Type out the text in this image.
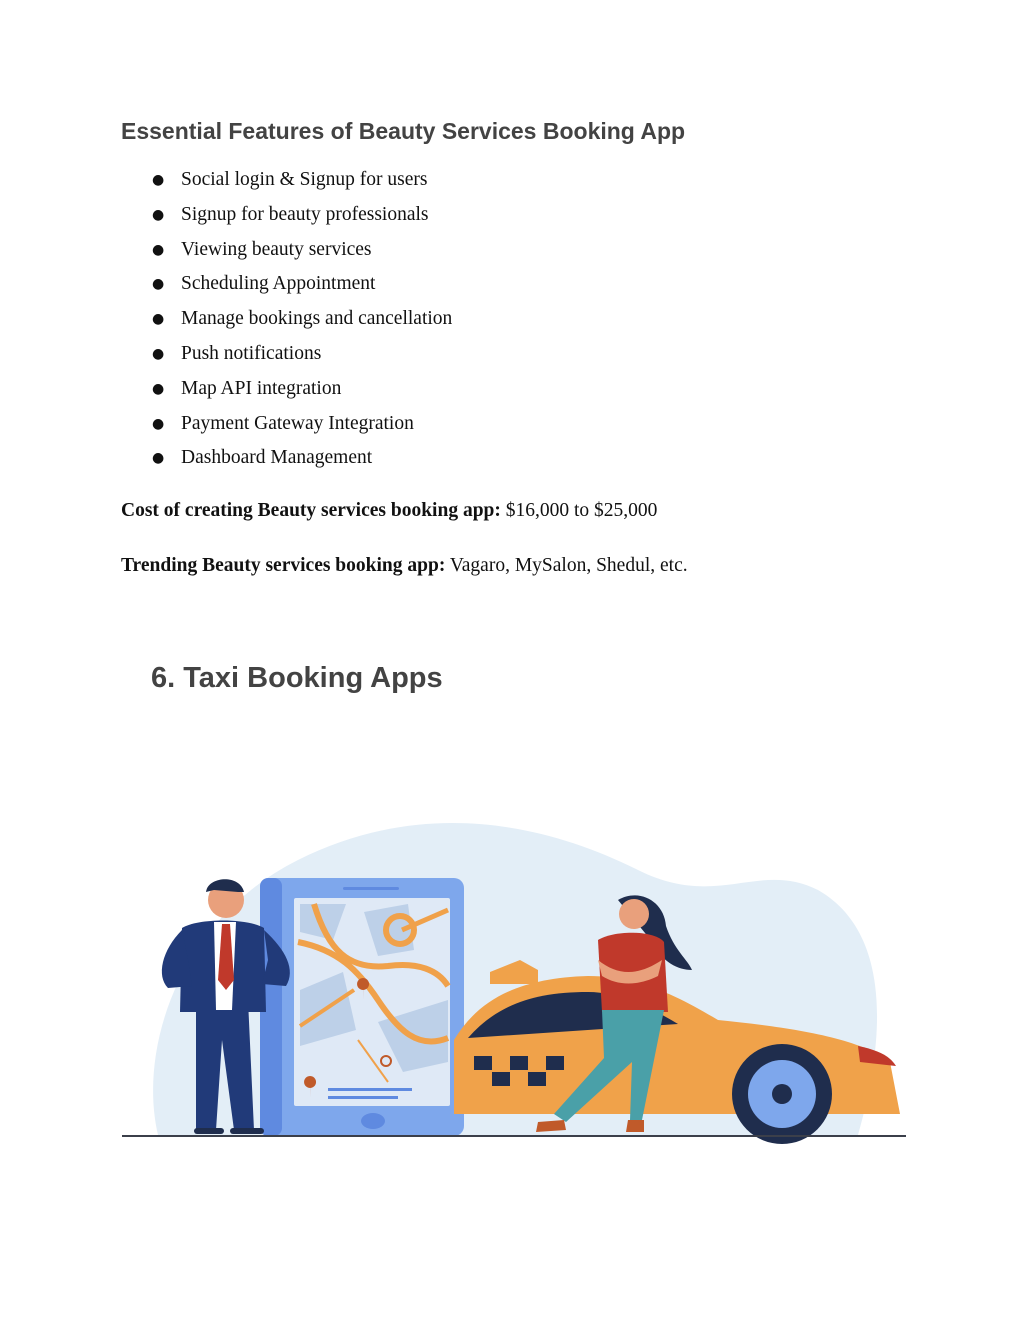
Essential Features of Beauty Services Booking App
● Social login & Signup for users
● Signup for beauty professionals
● Viewing beauty services
● Scheduling Appointment
● Manage bookings and cancellation
● Push notifications
● Map API integration
● Payment Gateway Integration
● Dashboard Management

Cost of creating Beauty services booking app: $16,000 to $25,000

Trending Beauty services booking app: Vagaro, MySalon, Shedul, etc.

6. Taxi Booking Apps
